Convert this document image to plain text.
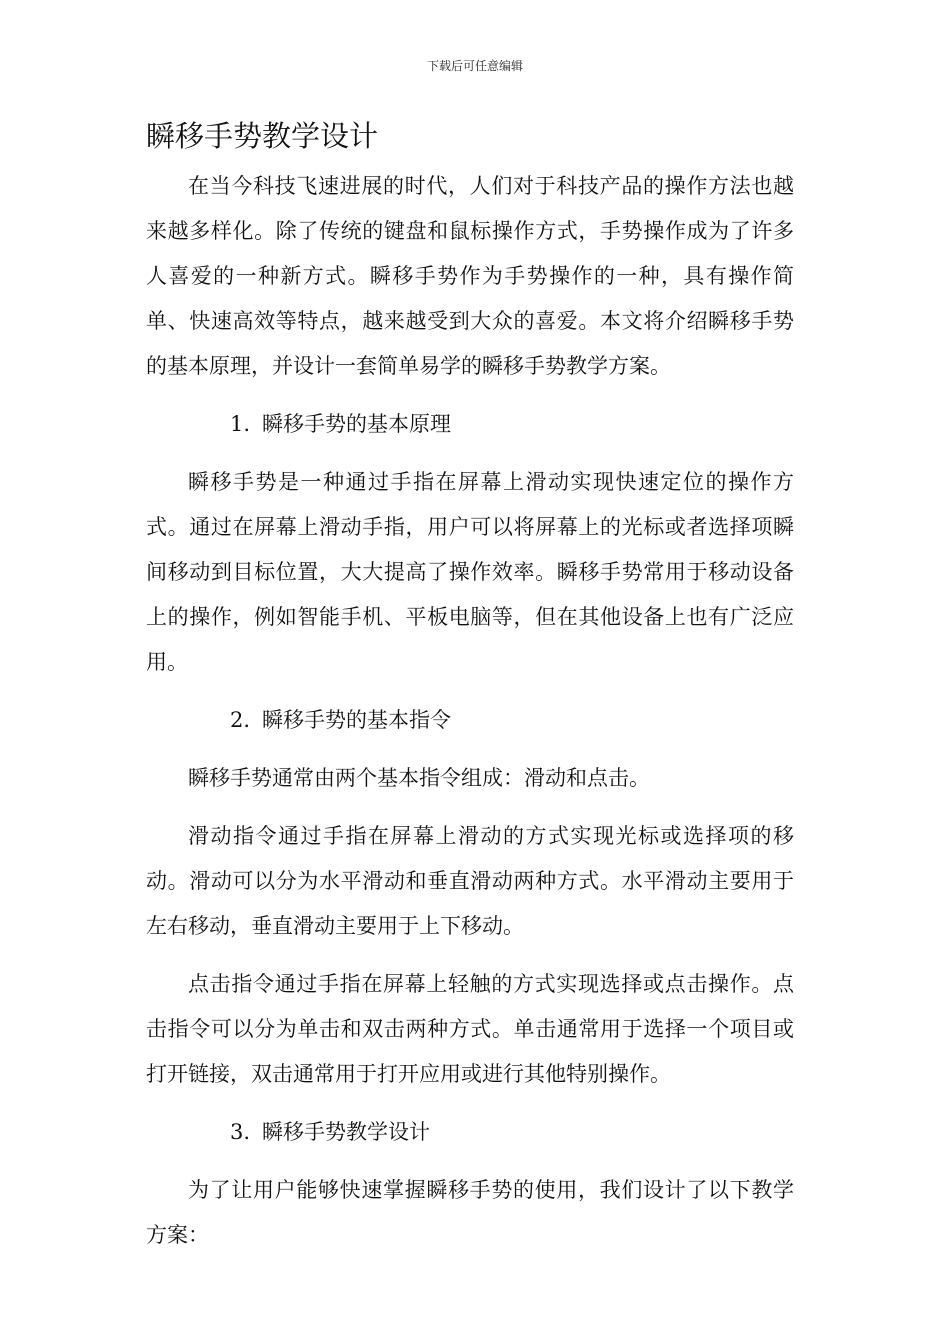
下载后可任意编辑
瞬移手势教学设计

在当今科技飞速进展的时代，人们对于科技产品的操作方法也越来越多样化。除了传统的键盘和鼠标操作方式，手势操作成为了许多人喜爱的一种新方式。瞬移手势作为手势操作的一种，具有操作简单、快速高效等特点，越来越受到大众的喜爱。本文将介绍瞬移手势的基本原理，并设计一套简单易学的瞬移手势教学方案。

1. 瞬移手势的基本原理

瞬移手势是一种通过手指在屏幕上滑动实现快速定位的操作方式。通过在屏幕上滑动手指，用户可以将屏幕上的光标或者选择项瞬间移动到目标位置，大大提高了操作效率。瞬移手势常用于移动设备上的操作，例如智能手机、平板电脑等，但在其他设备上也有广泛应用。

2. 瞬移手势的基本指令

瞬移手势通常由两个基本指令组成：滑动和点击。

滑动指令通过手指在屏幕上滑动的方式实现光标或选择项的移动。滑动可以分为水平滑动和垂直滑动两种方式。水平滑动主要用于左右移动，垂直滑动主要用于上下移动。

点击指令通过手指在屏幕上轻触的方式实现选择或点击操作。点击指令可以分为单击和双击两种方式。单击通常用于选择一个项目或打开链接，双击通常用于打开应用或进行其他特别操作。

3. 瞬移手势教学设计

为了让用户能够快速掌握瞬移手势的使用，我们设计了以下教学方案：
